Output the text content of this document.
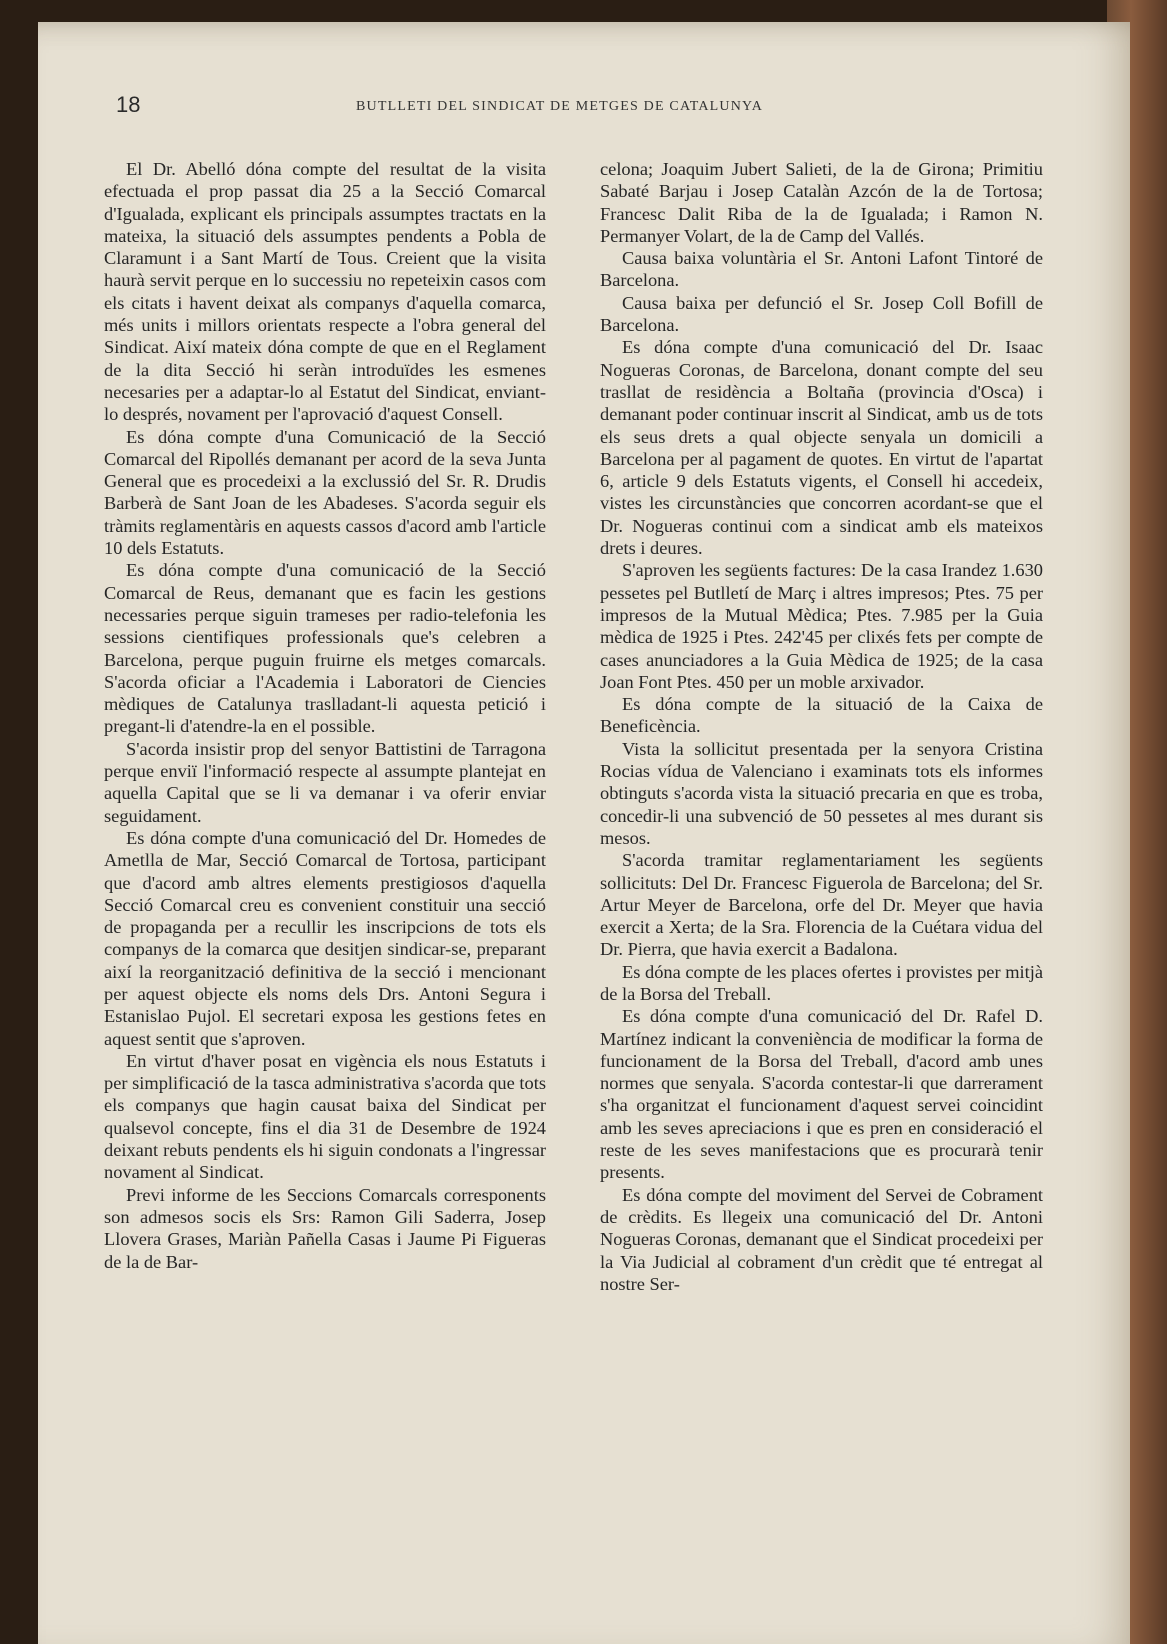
18	BUTLLETI DEL SINDICAT DE METGES DE CATALUNYA

El Dr. Abelló dóna compte del resultat de la visita efectuada el prop passat dia 25 a la Secció Comarcal d'Igualada, explicant els principals assumptes tractats en la mateixa, la situació dels assumptes pendents a Pobla de Claramunt i a Sant Martí de Tous. Creient que la visita haurà servit perque en lo successiu no repeteixin casos com els citats i havent deixat als companys d'aquella comarca, més units i millors orientats respecte a l'obra general del Sindicat. Així mateix dóna compte de que en el Reglament de la dita Secció hi seràn introduïdes les esmenes necesaries per a adaptar-lo al Estatut del Sindicat, enviant-lo després, novament per l'aprovació d'aquest Consell.

Es dóna compte d'una Comunicació de la Secció Comarcal del Ripollés demanant per acord de la seva Junta General que es procedeixi a la exclussió del Sr. R. Drudis Barberà de Sant Joan de les Abadeses. S'acorda seguir els tràmits reglamentàris en aquests cassos d'acord amb l'article 10 dels Estatuts.

Es dóna compte d'una comunicació de la Secció Comarcal de Reus, demanant que es facin les gestions necessaries perque siguin trameses per radio-telefonia les sessions cientifiques professionals que's celebren a Barcelona, perque puguin fruirne els metges comarcals. S'acorda oficiar a l'Academia i Laboratori de Ciencies mèdiques de Catalunya traslladant-li aquesta petició i pregant-li d'atendre-la en el possible.

S'acorda insistir prop del senyor Battistini de Tarragona perque enviï l'informació respecte al assumpte plantejat en aquella Capital que se li va demanar i va oferir enviar seguidament.

Es dóna compte d'una comunicació del Dr. Homedes de Ametlla de Mar, Secció Comarcal de Tortosa, participant que d'acord amb altres elements prestigiosos d'aquella Secció Comarcal creu es convenient constituir una secció de propaganda per a recullir les inscripcions de tots els companys de la comarca que desitjen sindicar-se, preparant així la reorganització definitiva de la secció i mencionant per aquest objecte els noms dels Drs. Antoni Segura i Estanislao Pujol. El secretari exposa les gestions fetes en aquest sentit que s'aproven.

En virtut d'haver posat en vigència els nous Estatuts i per simplificació de la tasca administrativa s'acorda que tots els companys que hagin causat baixa del Sindicat per qualsevol concepte, fins el dia 31 de Desembre de 1924 deixant rebuts pendents els hi siguin condonats a l'ingressar novament al Sindicat.

Previ informe de les Seccions Comarcals corresponents son admesos socis els Srs: Ramon Gili Saderra, Josep Llovera Grases, Mariàn Pañella Casas i Jaume Pi Figueras de la de Bar-

celona; Joaquim Jubert Salieti, de la de Girona; Primitiu Sabaté Barjau i Josep Catalàn Azcón de la de Tortosa; Francesc Dalit Riba de la de Igualada; i Ramon N. Permanyer Volart, de la de Camp del Vallés.

Causa baixa voluntària el Sr. Antoni Lafont Tintoré de Barcelona.

Causa baixa per defunció el Sr. Josep Coll Bofill de Barcelona.

Es dóna compte d'una comunicació del Dr. Isaac Nogueras Coronas, de Barcelona, donant compte del seu trasllat de residència a Boltaña (provincia d'Osca) i demanant poder continuar inscrit al Sindicat, amb us de tots els seus drets a qual objecte senyala un domicili a Barcelona per al pagament de quotes. En virtut de l'apartat 6, article 9 dels Estatuts vigents, el Consell hi accedeix, vistes les circunstàncies que concorren acordant-se que el Dr. Nogueras continui com a sindicat amb els mateixos drets i deures.

S'aproven les següents factures: De la casa Irandez 1.630 pessetes pel Butlletí de Març i altres impresos; Ptes. 75 per impresos de la Mutual Mèdica; Ptes. 7.985 per la Guia mèdica de 1925 i Ptes. 242'45 per clixés fets per compte de cases anunciadores a la Guia Mèdica de 1925; de la casa Joan Font Ptes. 450 per un moble arxivador.

Es dóna compte de la situació de la Caixa de Beneficència.

Vista la sollicitut presentada per la senyora Cristina Rocias vídua de Valenciano i examinats tots els informes obtinguts s'acorda vista la situació precaria en que es troba, concedir-li una subvenció de 50 pessetes al mes durant sis mesos.

S'acorda tramitar reglamentariament les següents sollicituts: Del Dr. Francesc Figuerola de Barcelona; del Sr. Artur Meyer de Barcelona, orfe del Dr. Meyer que havia exercit a Xerta; de la Sra. Florencia de la Cuétara vidua del Dr. Pierra, que havia exercit a Badalona.

Es dóna compte de les places ofertes i provistes per mitjà de la Borsa del Treball.

Es dóna compte d'una comunicació del Dr. Rafel D. Martínez indicant la conveniència de modificar la forma de funcionament de la Borsa del Treball, d'acord amb unes normes que senyala. S'acorda contestar-li que darrerament s'ha organitzat el funcionament d'aquest servei coincidint amb les seves apreciacions i que es pren en consideració el reste de les seves manifestacions que es procurarà tenir presents.

Es dóna compte del moviment del Servei de Cobrament de crèdits. Es llegeix una comunicació del Dr. Antoni Nogueras Coronas, demanant que el Sindicat procedeixi per la Via Judicial al cobrament d'un crèdit que té entregat al nostre Ser-
